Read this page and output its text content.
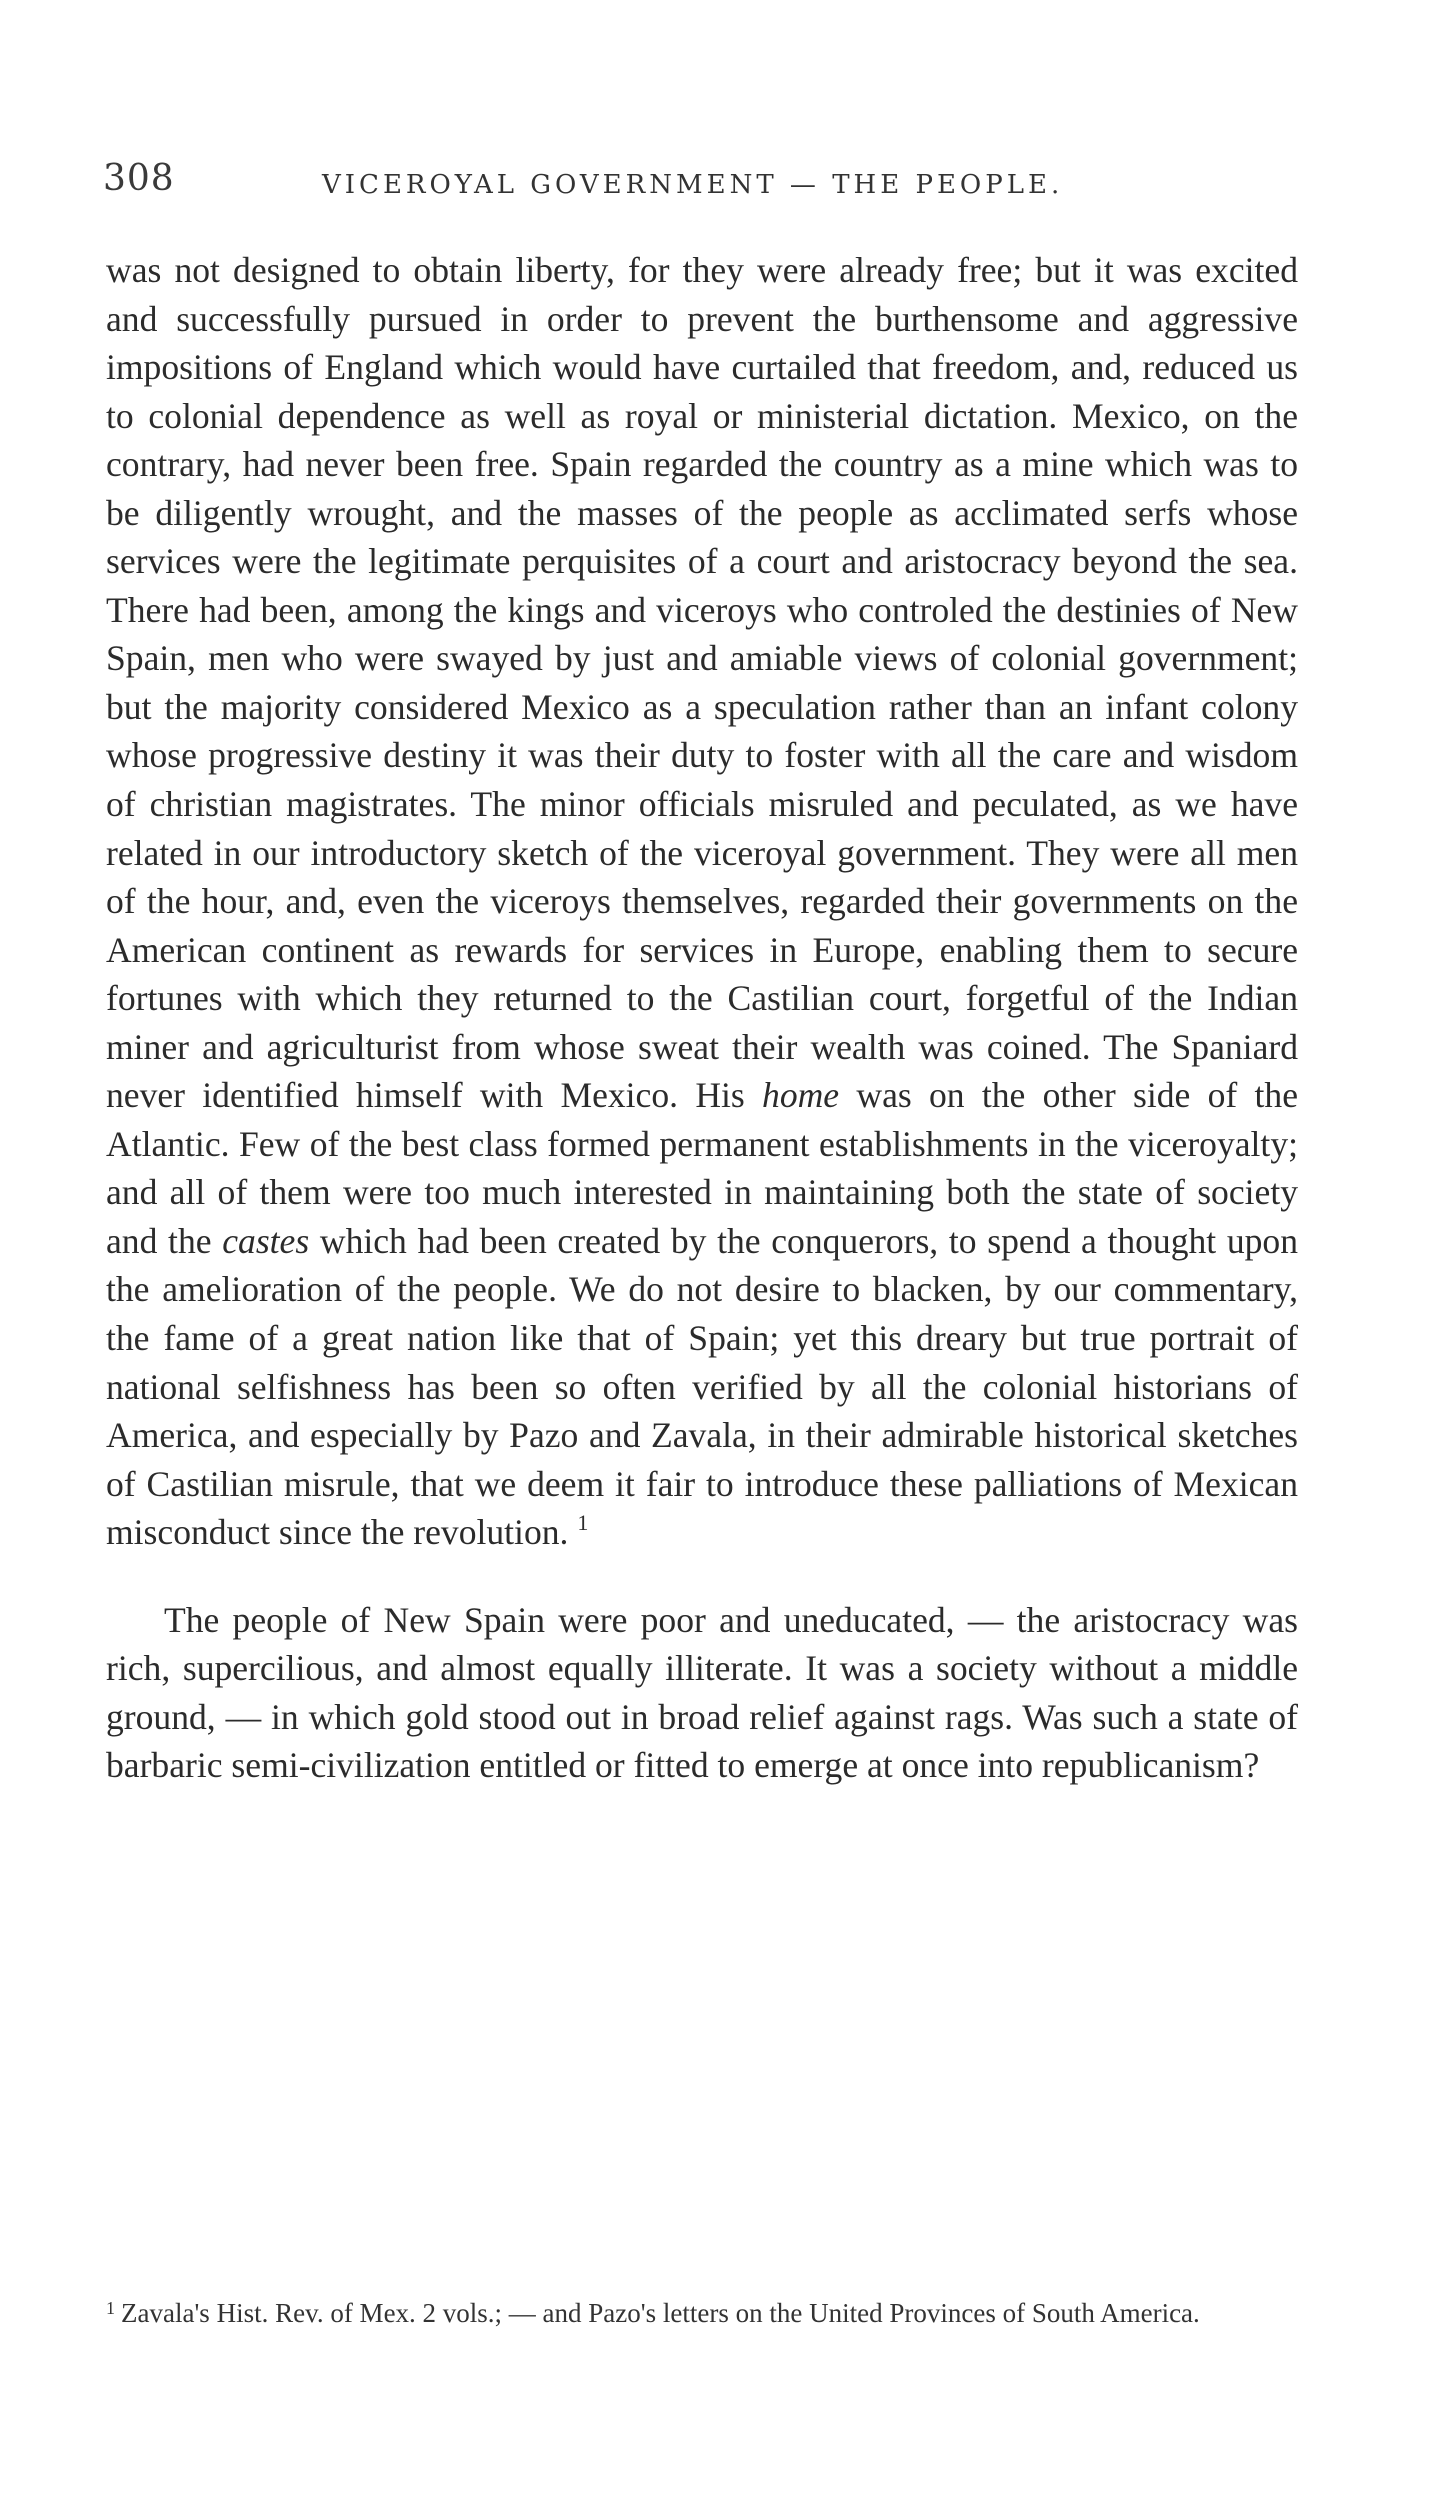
308	VICEROYAL GOVERNMENT — THE PEOPLE.

was not designed to obtain liberty, for they were already free; but it was excited and successfully pursued in order to prevent the burthensome and aggressive impositions of England which would have curtailed that freedom, and, reduced us to colonial dependence as well as royal or ministerial dictation. Mexico, on the contrary, had never been free. Spain regarded the country as a mine which was to be diligently wrought, and the masses of the people as acclimated serfs whose services were the legitimate perquisites of a court and aristocracy beyond the sea. There had been, among the kings and viceroys who controled the destinies of New Spain, men who were swayed by just and amiable views of colonial government; but the majority considered Mexico as a speculation rather than an infant colony whose progressive destiny it was their duty to foster with all the care and wisdom of christian magistrates. The minor officials misruled and peculated, as we have related in our introductory sketch of the viceroyal government. They were all men of the hour, and, even the viceroys themselves, regarded their governments on the American continent as rewards for services in Europe, enabling them to secure fortunes with which they returned to the Castilian court, forgetful of the Indian miner and agriculturist from whose sweat their wealth was coined. The Spaniard never identified himself with Mexico. His home was on the other side of the Atlantic. Few of the best class formed permanent establishments in the viceroyalty; and all of them were too much interested in maintaining both the state of society and the castes which had been created by the conquerors, to spend a thought upon the amelioration of the people. We do not desire to blacken, by our commentary, the fame of a great nation like that of Spain; yet this dreary but true portrait of national selfishness has been so often verified by all the colonial historians of America, and especially by Pazo and Zavala, in their admirable historical sketches of Castilian misrule, that we deem it fair to introduce these palliations of Mexican misconduct since the revolution. $^1$

The people of New Spain were poor and uneducated, — the aristocracy was rich, supercilious, and almost equally illiterate. It was a society without a middle ground, — in which gold stood out in broad relief against rags. Was such a state of barbaric semi-civilization entitled or fitted to emerge at once into republicanism?

$^1$ Zavala's Hist. Rev. of Mex. 2 vols.; — and Pazo's letters on the United Provinces of South America.
